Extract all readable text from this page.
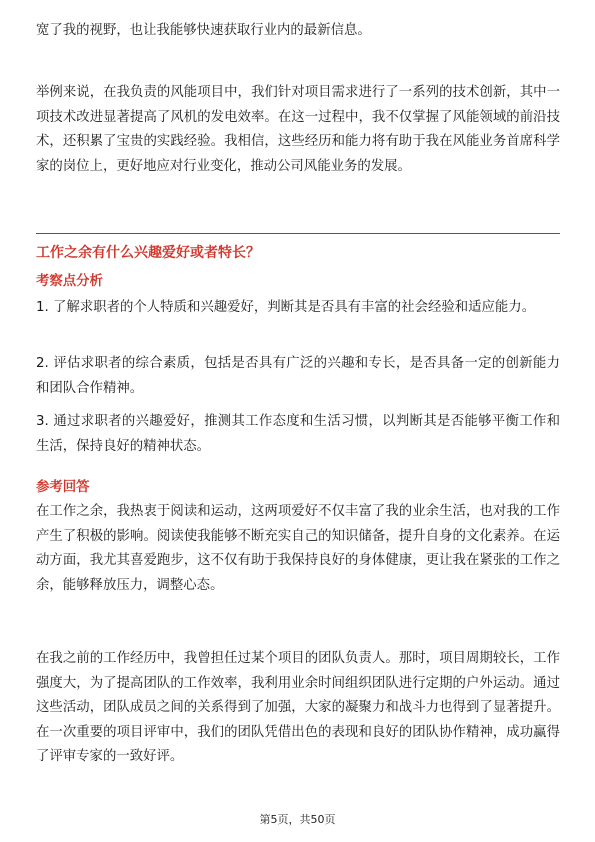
宽了我的视野，也让我能够快速获取行业内的最新信息。

举例来说，在我负责的风能项目中，我们针对项目需求进行了一系列的技术创新，其中一项技术改进显著提高了风机的发电效率。在这一过程中，我不仅掌握了风能领域的前沿技术，还积累了宝贵的实践经验。我相信，这些经历和能力将有助于我在风能业务首席科学家的岗位上，更好地应对行业变化，推动公司风能业务的发展。

工作之余有什么兴趣爱好或者特长？

考察点分析

1. 了解求职者的个人特质和兴趣爱好，判断其是否具有丰富的社会经验和适应能力。

2. 评估求职者的综合素质，包括是否具有广泛的兴趣和专长，是否具备一定的创新能力和团队合作精神。

3. 通过求职者的兴趣爱好，推测其工作态度和生活习惯，以判断其是否能够平衡工作和生活，保持良好的精神状态。

参考回答

在工作之余，我热衷于阅读和运动，这两项爱好不仅丰富了我的业余生活，也对我的工作产生了积极的影响。阅读使我能够不断充实自己的知识储备，提升自身的文化素养。在运动方面，我尤其喜爱跑步，这不仅有助于我保持良好的身体健康，更让我在紧张的工作之余，能够释放压力，调整心态。

在我之前的工作经历中，我曾担任过某个项目的团队负责人。那时，项目周期较长，工作强度大，为了提高团队的工作效率，我利用业余时间组织团队进行定期的户外运动。通过这些活动，团队成员之间的关系得到了加强，大家的凝聚力和战斗力也得到了显著提升。在一次重要的项目评审中，我们的团队凭借出色的表现和良好的团队协作精神，成功赢得了评审专家的一致好评。

第5页，共50页
